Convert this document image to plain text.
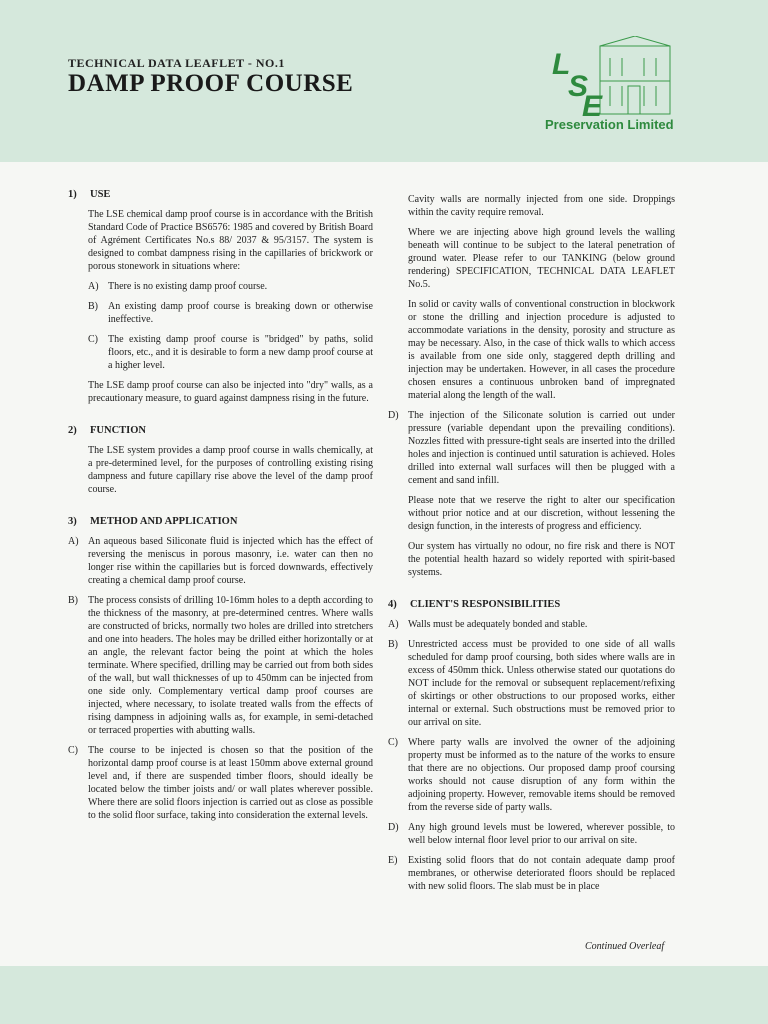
TECHNICAL DATA LEAFLET - NO.1
DAMP PROOF COURSE
L
S
E
Preservation Limited
1) USE

The LSE chemical damp proof course is in accordance with the British Standard Code of Practice BS6576: 1985 and covered by British Board of Agrément Certificates No.s 88/ 2037 & 95/3157. The system is designed to combat dampness rising in the capillaries of brickwork or porous stonework in situations where:

A) There is no existing damp proof course.
B) An existing damp proof course is breaking down or otherwise ineffective.
C) The existing damp proof course is "bridged" by paths, solid floors, etc., and it is desirable to form a new damp proof course at a higher level.

The LSE damp proof course can also be injected into "dry" walls, as a precautionary measure, to guard against dampness rising in the future.

2) FUNCTION

The LSE system provides a damp proof course in walls chemically, at a pre-determined level, for the purposes of controlling existing rising dampness and future capillary rise above the level of the damp proof course.

3) METHOD AND APPLICATION
A) An aqueous based Siliconate fluid is injected which has the effect of reversing the meniscus in porous masonry, i.e. water can then no longer rise within the capillaries but is forced downwards, effectively creating a chemical damp proof course.
B) The process consists of drilling 10-16mm holes to a depth according to the thickness of the masonry, at pre-determined centres. Where walls are constructed of bricks, normally two holes are drilled into stretchers and one into headers. The holes may be drilled either horizontally or at an angle, the relevant factor being the point at which the holes terminate. Where specified, drilling may be carried out from both sides of the wall, but wall thicknesses of up to 450mm can be injected from one side only. Complementary vertical damp proof courses are injected, where necessary, to isolate treated walls from the effects of rising dampness in adjoining walls as, for example, in semi-detached or terraced properties with abutting walls.
C) The course to be injected is chosen so that the position of the horizontal damp proof course is at least 150mm above external ground level and, if there are suspended timber floors, should ideally be located below the timber joists and/ or wall plates wherever possible. Where there are solid floors injection is carried out as close as possible to the solid floor surface, taking into consideration the external levels.

Cavity walls are normally injected from one side. Droppings within the cavity require removal.

Where we are injecting above high ground levels the walling beneath will continue to be subject to the lateral penetration of ground water. Please refer to our TANKING (below ground rendering) SPECIFICATION, TECHNICAL DATA LEAFLET No.5.

In solid or cavity walls of conventional construction in blockwork or stone the drilling and injection procedure is adjusted to accommodate variations in the density, porosity and structure as may be necessary. Also, in the case of thick walls to which access is available from one side only, staggered depth drilling and injection may be undertaken. However, in all cases the procedure chosen ensures a continuous unbroken band of impregnated material along the length of the wall.

D) The injection of the Siliconate solution is carried out under pressure (variable dependant upon the prevailing conditions). Nozzles fitted with pressure-tight seals are inserted into the drilled holes and injection is continued until saturation is achieved. Holes drilled into external wall surfaces will then be plugged with a cement and sand infill.

Please note that we reserve the right to alter our specification without prior notice and at our discretion, without lessening the design function, in the interests of progress and efficiency.

Our system has virtually no odour, no fire risk and there is NOT the potential health hazard so widely reported with spirit-based systems.

4) CLIENT'S RESPONSIBILITIES
A) Walls must be adequately bonded and stable.
B) Unrestricted access must be provided to one side of all walls scheduled for damp proof coursing, both sides where walls are in excess of 450mm thick. Unless otherwise stated our quotations do NOT include for the removal or subsequent replacement/refixing of skirtings or other obstructions to our proposed works, either internal or external. Such obstructions must be removed prior to our arrival on site.
C) Where party walls are involved the owner of the adjoining property must be informed as to the nature of the works to ensure that there are no objections. Our proposed damp proof coursing works should not cause disruption of any form within the adjoining property. However, removable items should be removed from the reverse side of party walls.
D) Any high ground levels must be lowered, wherever possible, to well below internal floor level prior to our arrival on site.
E) Existing solid floors that do not contain adequate damp proof membranes, or otherwise deteriorated floors should be replaced with new solid floors. The slab must be in place
Continued Overleaf
